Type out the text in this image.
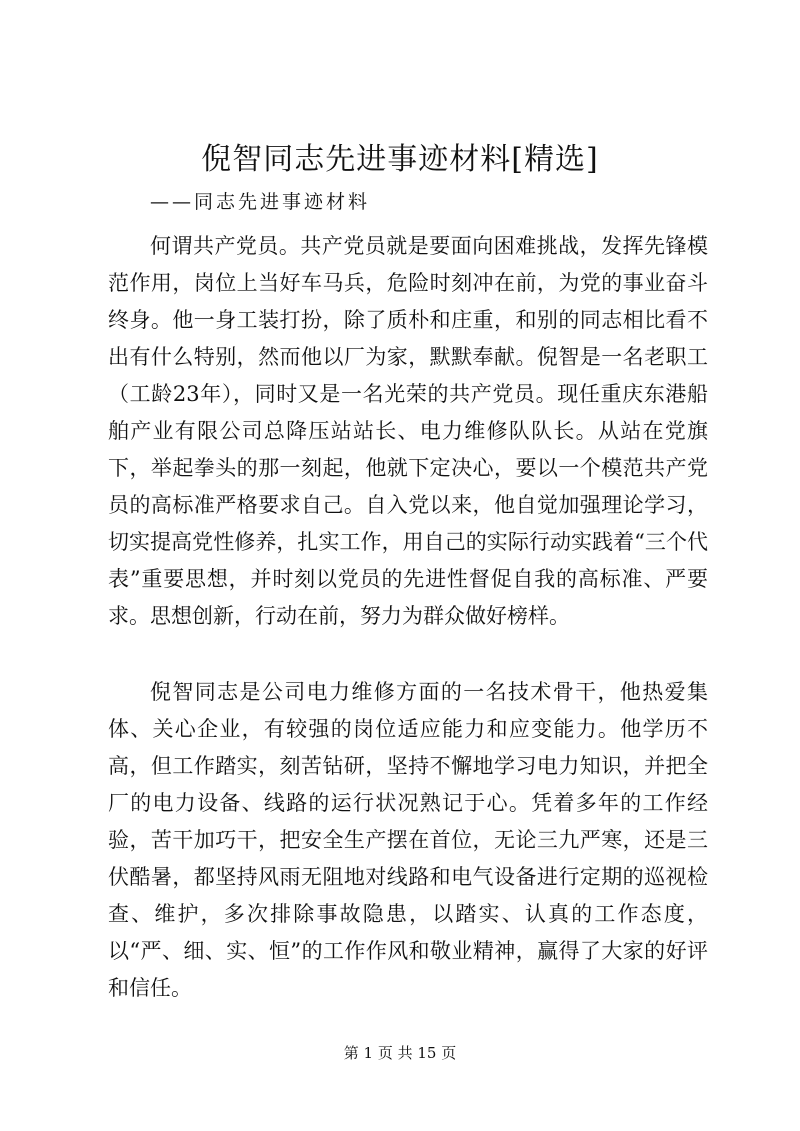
倪智同志先进事迹材料[精选]

——同志先进事迹材料

何谓共产党员。共产党员就是要面向困难挑战，发挥先锋模范作用，岗位上当好车马兵，危险时刻冲在前，为党的事业奋斗终身。他一身工装打扮，除了质朴和庄重，和别的同志相比看不出有什么特别，然而他以厂为家，默默奉献。倪智是一名老职工（工龄23年），同时又是一名光荣的共产党员。现任重庆东港船舶产业有限公司总降压站站长、电力维修队队长。从站在党旗下，举起拳头的那一刻起，他就下定决心，要以一个模范共产党员的高标准严格要求自己。自入党以来，他自觉加强理论学习，切实提高党性修养，扎实工作，用自己的实际行动实践着“三个代表”重要思想，并时刻以党员的先进性督促自我的高标准、严要求。思想创新，行动在前，努力为群众做好榜样。

倪智同志是公司电力维修方面的一名技术骨干，他热爱集体、关心企业，有较强的岗位适应能力和应变能力。他学历不高，但工作踏实，刻苦钻研，坚持不懈地学习电力知识，并把全厂的电力设备、线路的运行状况熟记于心。凭着多年的工作经验，苦干加巧干，把安全生产摆在首位，无论三九严寒，还是三伏酷暑，都坚持风雨无阻地对线路和电气设备进行定期的巡视检查、维护，多次排除事故隐患，以踏实、认真的工作态度，以“严、细、实、恒”的工作作风和敬业精神，赢得了大家的好评和信任。

第 1 页 共 15 页
